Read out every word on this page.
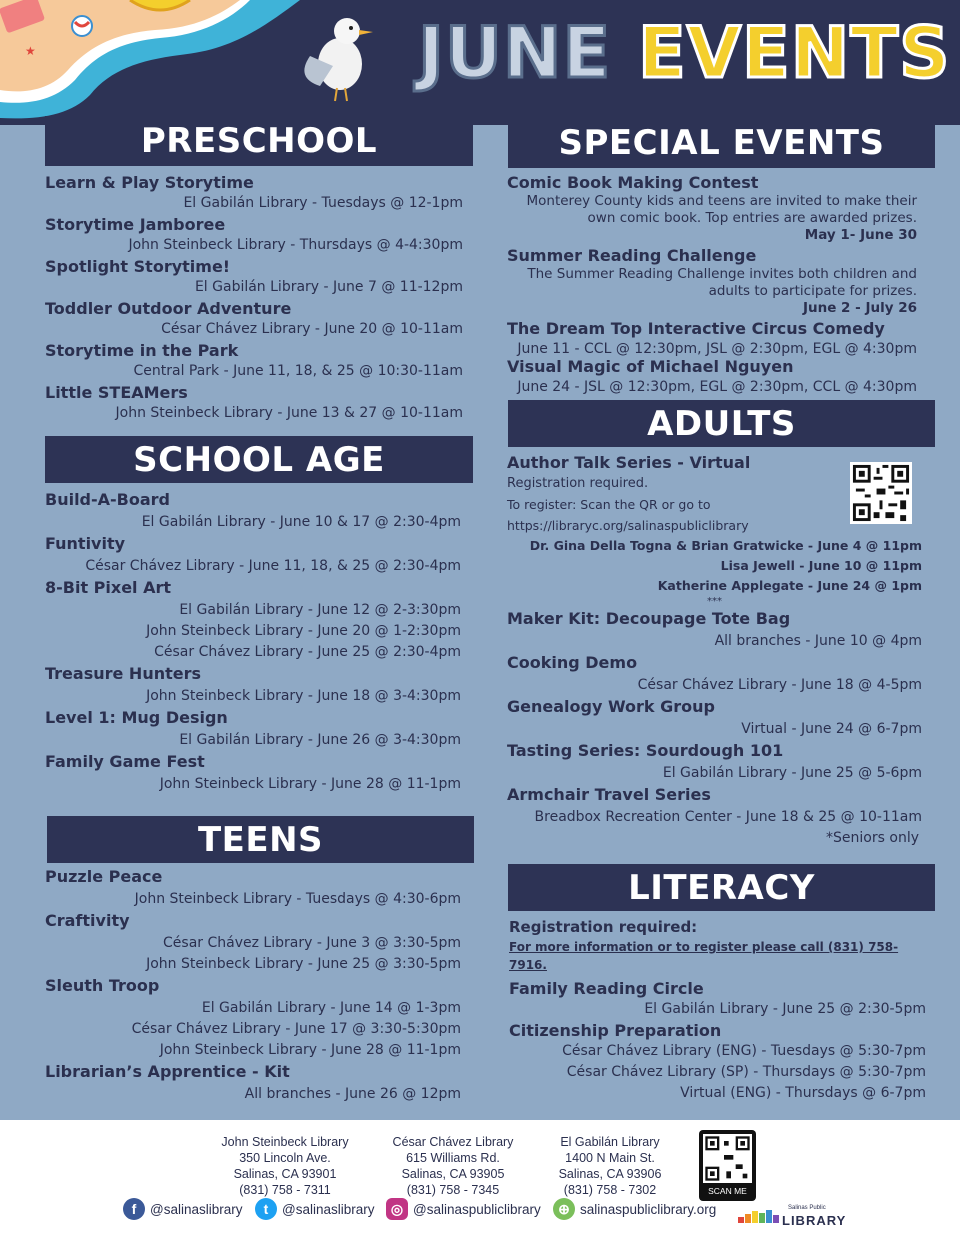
★	JUNE EVENTS
PRESCHOOL
Learn & Play Storytime
El Gabilán Library - Tuesdays @ 12-1pm
Storytime Jamboree
John Steinbeck Library - Thursdays @ 4-4:30pm
Spotlight Storytime!
El Gabilán Library - June 7 @ 11-12pm
Toddler Outdoor Adventure
César Chávez Library - June 20 @ 10-11am
Storytime in the Park
Central Park - June 11, 18, & 25 @ 10:30-11am
Little STEAMers
John Steinbeck Library - June 13 & 27 @ 10-11am
SCHOOL AGE
Build-A-Board
El Gabilán Library - June 10 & 17 @ 2:30-4pm
Funtivity
César Chávez Library - June 11, 18, & 25 @ 2:30-4pm
8-Bit Pixel Art
El Gabilán Library - June 12 @ 2-3:30pm
John Steinbeck Library - June 20 @ 1-2:30pm
César Chávez Library - June 25 @ 2:30-4pm
Treasure Hunters
John Steinbeck Library - June 18 @ 3-4:30pm
Level 1: Mug Design
El Gabilán Library - June 26 @ 3-4:30pm
Family Game Fest
John Steinbeck Library - June 28 @ 11-1pm
TEENS
Puzzle Peace
John Steinbeck Library - Tuesdays @ 4:30-6pm
Craftivity
César Chávez Library - June 3 @ 3:30-5pm
John Steinbeck Library - June 25 @ 3:30-5pm
Sleuth Troop
El Gabilán Library - June 14 @ 1-3pm
César Chávez Library - June 17 @ 3:30-5:30pm
John Steinbeck Library - June 28 @ 11-1pm
Librarian’s Apprentice - Kit
All branches - June 26 @ 12pm
SPECIAL EVENTS
Comic Book Making Contest
Monterey County kids and teens are invited to make their
own comic book. Top entries are awarded prizes.
May 1- June 30
Summer Reading Challenge
The Summer Reading Challenge invites both children and
adults to participate for prizes.
June 2 - July 26
The Dream Top Interactive Circus Comedy
June 11 - CCL @ 12:30pm, JSL @ 2:30pm, EGL @ 4:30pm
Visual Magic of Michael Nguyen
June 24 - JSL @ 12:30pm, EGL @ 2:30pm, CCL @ 4:30pm
ADULTS
Author Talk Series - Virtual
Registration required.
To register: Scan the QR or go to
https://libraryc.org/salinaspubliclibrary
Dr. Gina Della Togna & Brian Gratwicke - June 4 @ 11pm
Lisa Jewell - June 10 @ 11pm
Katherine Applegate - June 24 @ 1pm
***
Maker Kit: Decoupage Tote Bag
All branches - June 10 @ 4pm
Cooking Demo
César Chávez Library - June 18 @ 4-5pm
Genealogy Work Group
Virtual - June 24 @ 6-7pm
Tasting Series: Sourdough 101
El Gabilán Library - June 25 @ 5-6pm
Armchair Travel Series
Breadbox Recreation Center - June 18 & 25 @ 10-11am
*Seniors only
LITERACY
Registration required:
For more information or to register please call (831) 758-7916.
Family Reading Circle
El Gabilán Library - June 25 @ 2:30-5pm
Citizenship Preparation
César Chávez Library (ENG) - Tuesdays @ 5:30-7pm
César Chávez Library (SP) - Thursdays @ 5:30-7pm
Virtual (ENG) - Thursdays @ 6-7pm
John Steinbeck Library
350 Lincoln Ave.
Salinas, CA 93901
(831) 758 - 7311
César Chávez Library
615 Williams Rd.
Salinas, CA 93905
(831) 758 - 7345
El Gabilán Library
1400 N Main St.
Salinas, CA 93906
(831) 758 - 7302	SCAN ME
f	@salinaslibrary	t	@salinaslibrary	◎ @salinaspubliclibrary	⊕ salinaspubliclibrary.org	Salinas Public
LIBRARY
